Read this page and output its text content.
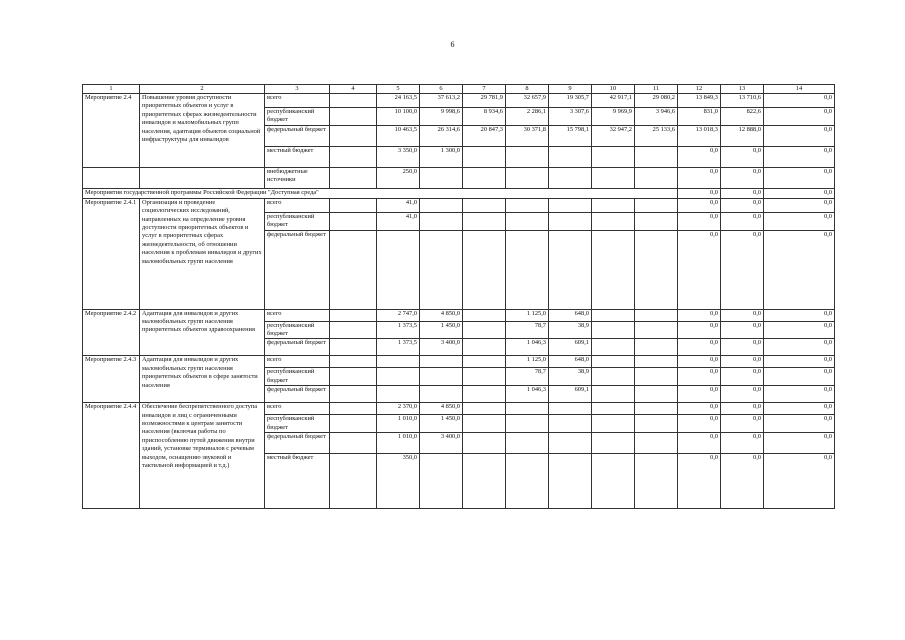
6
1	2	3	4	5	6	7	8	9	10	11	12	13	14
Мероприятие 2.4	Повышение уровня доступности приоритетных объектов и услуг в приоритетных сферах жизнедеятельности инвалидов и маломобильных групп населения, адаптация объектов социальной инфраструктуры для инвалидов	всего		24 163,5	37 613,2	29 781,9	32 657,9	19 305,7	42 917,1	29 080,2	13 849,3	13 710,6	0,0
		республиканский бюджет		10 100,0	9 998,6	8 934,6	2 286,1	3 307,6	9 969,9	3 946,6	831,0	822,6	0,0
		федеральный бюджет		10 463,5	26 314,6	20 847,3	30 371,8	15 798,1	32 947,2	25 133,6	13 018,3	12 888,0	0,0
		местный бюджет		3 350,0	1 300,0						0,0	0,0	0,0
		внебюджетные источники		250,0							0,0	0,0	0,0
Мероприятия государственной программы Российской Федерации "Доступная среда"											0,0	0,0	0,0
Мероприятие 2.4.1	Организация и проведение социологических исследований, направленных на определение уровня доступности приоритетных объектов и услуг в приоритетных сферах жизнедеятельности, об отношении населения к проблемам инвалидов и других маломобильных групп населения	всего		41,0							0,0	0,0	0,0
		республиканский бюджет		41,0							0,0	0,0	0,0
		федеральный бюджет									0,0	0,0	0,0
Мероприятие 2.4.2	Адаптация для инвалидов и других маломобильных групп населения приоритетных объектов здравоохранения	всего		2 747,0	4 850,0		1 125,0	648,0			0,0	0,0	0,0
		республиканский бюджет		1 373,5	1 450,0		78,7	38,9			0,0	0,0	0,0
		федеральный бюджет		1 373,5	3 400,0		1 046,3	609,1			0,0	0,0	0,0
Мероприятие 2.4.3	Адаптация для инвалидов и других маломобильных групп населения приоритетных объектов в сфере занятости населения	всего					1 125,0	648,0			0,0	0,0	0,0
		республиканский бюджет					78,7	38,9			0,0	0,0	0,0
		федеральный бюджет					1 046,3	609,1			0,0	0,0	0,0
Мероприятие 2.4.4	Обеспечение беспрепятственного доступа инвалидов и лиц с ограниченными возможностями к центрам занятости населения (включая работы по приспособлению путей движения внутри зданий, установке терминалов с речевым выходом, оснащению звуковой и тактильной информацией и т.д.)	всего		2 370,0	4 850,0						0,0	0,0	0,0
		республиканский бюджет		1 010,0	1 450,0						0,0	0,0	0,0
		федеральный бюджет		1 010,0	3 400,0						0,0	0,0	0,0
		местный бюджет		350,0							0,0	0,0	0,0
